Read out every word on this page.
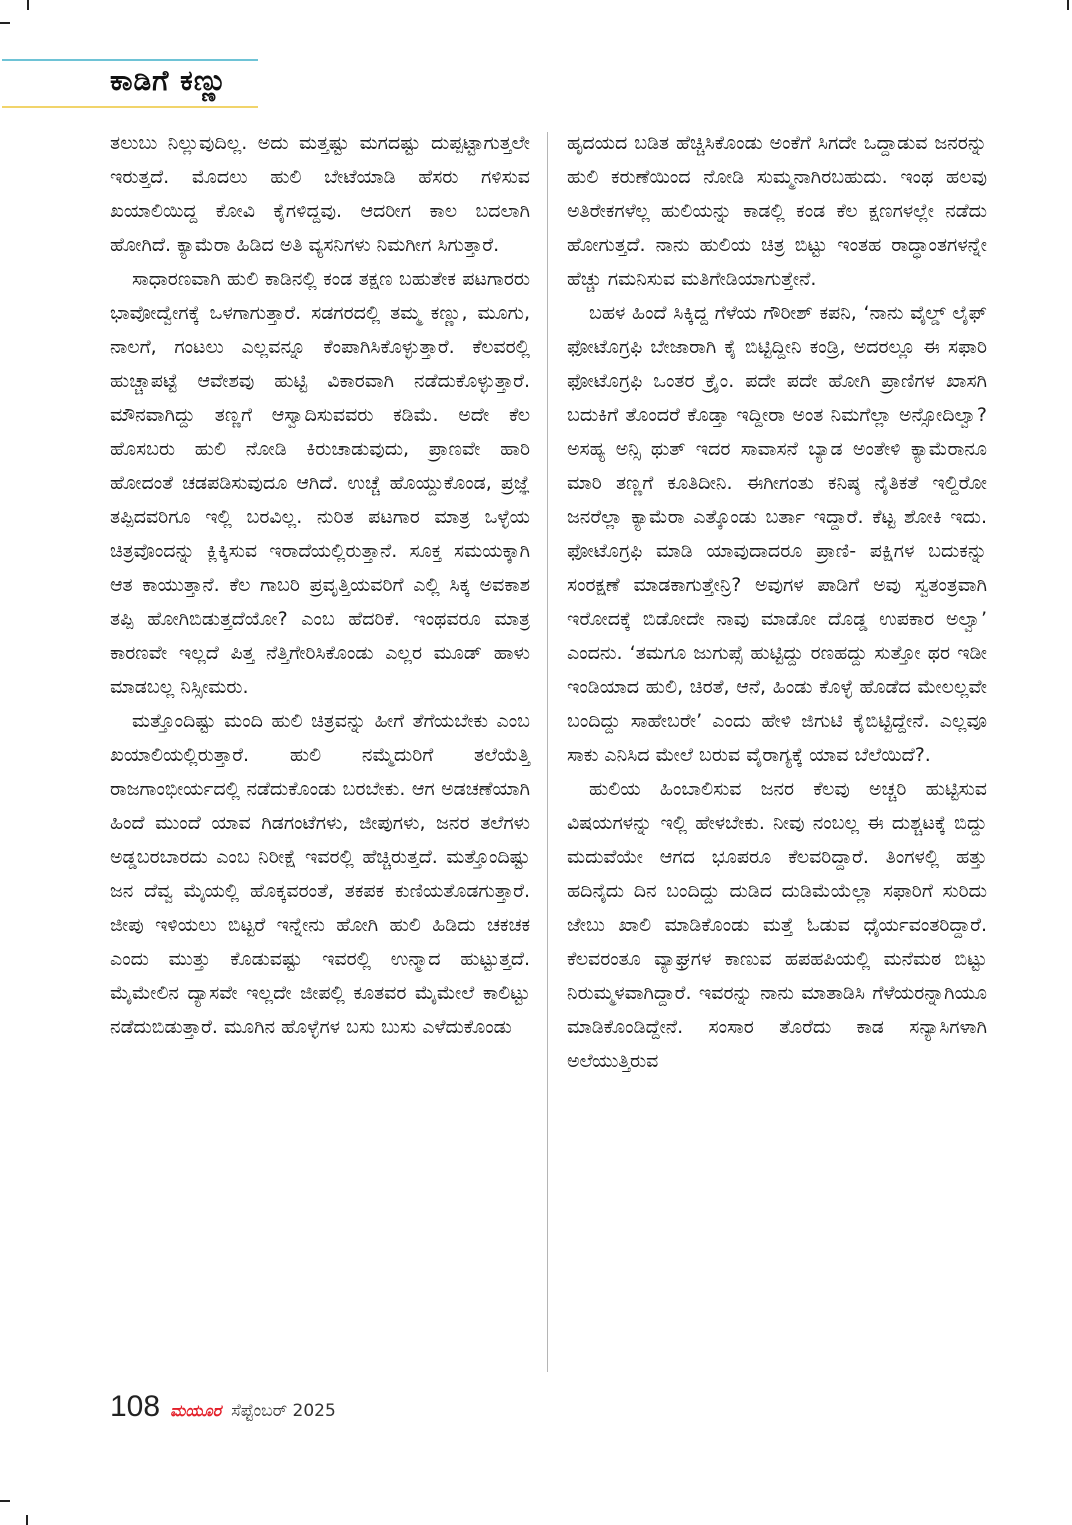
ಕಾಡಿಗೆ ಕಣ್ಣು

ತಲುಬು ನಿಲ್ಲುವುದಿಲ್ಲ. ಅದು ಮತ್ತಷ್ಟು ಮಗದಷ್ಟು ದುಪ್ಪಟ್ಟಾಗುತ್ತಲೇ ಇರುತ್ತದೆ. ಮೊದಲು ಹುಲಿ ಬೇಟೆಯಾಡಿ ಹೆಸರು ಗಳಿಸುವ ಖಯಾಲಿಯಿದ್ದ ಕೋವಿ ಕೈಗಳಿದ್ದವು. ಆದರೀಗ ಕಾಲ ಬದಲಾಗಿ ಹೋಗಿದೆ. ಕ್ಯಾಮೆರಾ ಹಿಡಿದ ಅತಿ ವ್ಯಸನಿಗಳು ನಿಮಗೀಗ ಸಿಗುತ್ತಾರೆ.

ಸಾಧಾರಣವಾಗಿ ಹುಲಿ ಕಾಡಿನಲ್ಲಿ ಕಂಡ ತಕ್ಷಣ ಬಹುತೇಕ ಪಟಗಾರರು ಭಾವೋದ್ವೇಗಕ್ಕೆ ಒಳಗಾಗುತ್ತಾರೆ. ಸಡಗರದಲ್ಲಿ ತಮ್ಮ ಕಣ್ಣು, ಮೂಗು, ನಾಲಗೆ, ಗಂಟಲು ಎಲ್ಲವನ್ನೂ ಕೆಂಪಾಗಿಸಿಕೊಳ್ಳುತ್ತಾರೆ. ಕೆಲವರಲ್ಲಿ ಹುಚ್ಚಾಪಟ್ಟೆ ಆವೇಶವು ಹುಟ್ಟಿ ವಿಕಾರವಾಗಿ ನಡೆದುಕೊಳ್ಳುತ್ತಾರೆ. ಮೌನವಾಗಿದ್ದು ತಣ್ಣಗೆ ಆಸ್ವಾದಿಸುವವರು ಕಡಿಮೆ. ಅದೇ ಕೆಲ ಹೊಸಬರು ಹುಲಿ ನೋಡಿ ಕಿರುಚಾಡುವುದು, ಪ್ರಾಣವೇ ಹಾರಿ ಹೋದಂತೆ ಚಡಪಡಿಸುವುದೂ ಆಗಿದೆ. ಉಚ್ಚೆ ಹೊಯ್ದುಕೊಂಡ, ಪ್ರಜ್ಞೆ ತಪ್ಪಿದವರಿಗೂ ಇಲ್ಲಿ ಬರವಿಲ್ಲ. ನುರಿತ ಪಟಗಾರ ಮಾತ್ರ ಒಳ್ಳೆಯ ಚಿತ್ರವೊಂದನ್ನು ಕ್ಲಿಕ್ಕಿಸುವ ಇರಾದೆಯಲ್ಲಿರುತ್ತಾನೆ. ಸೂಕ್ತ ಸಮಯಕ್ಕಾಗಿ ಆತ ಕಾಯುತ್ತಾನೆ. ಕೆಲ ಗಾಬರಿ ಪ್ರವೃತ್ತಿಯವರಿಗೆ ಎಲ್ಲಿ ಸಿಕ್ಕ ಅವಕಾಶ ತಪ್ಪಿ ಹೋಗಿಬಿಡುತ್ತದೆಯೋ? ಎಂಬ ಹೆದರಿಕೆ. ಇಂಥವರೂ ಮಾತ್ರ ಕಾರಣವೇ ಇಲ್ಲದೆ ಪಿತ್ತ ನೆತ್ತಿಗೇರಿಸಿಕೊಂಡು ಎಲ್ಲರ ಮೂಡ್ ಹಾಳು ಮಾಡಬಲ್ಲ ನಿಸ್ಸೀಮರು.

ಮತ್ತೊಂದಿಷ್ಟು ಮಂದಿ ಹುಲಿ ಚಿತ್ರವನ್ನು ಹೀಗೆ ತೆಗೆಯಬೇಕು ಎಂಬ ಖಯಾಲಿಯಲ್ಲಿರುತ್ತಾರೆ. ಹುಲಿ ನಮ್ಮೆದುರಿಗೆ ತಲೆಯೆತ್ತಿ ರಾಜಗಾಂಭೀರ್ಯದಲ್ಲಿ ನಡೆದುಕೊಂಡು ಬರಬೇಕು. ಆಗ ಅಡಚಣೆಯಾಗಿ ಹಿಂದೆ ಮುಂದೆ ಯಾವ ಗಿಡಗಂಟೆಗಳು, ಜೀಪುಗಳು, ಜನರ ತಲೆಗಳು ಅಡ್ಡಬರಬಾರದು ಎಂಬ ನಿರೀಕ್ಷೆ ಇವರಲ್ಲಿ ಹೆಚ್ಚಿರುತ್ತದೆ. ಮತ್ತೊಂದಿಷ್ಟು ಜನ ದೆವ್ವ ಮೈಯಲ್ಲಿ ಹೊಕ್ಕವರಂತೆ, ತಕಪಕ ಕುಣಿಯತೊಡಗುತ್ತಾರೆ. ಜೀಪು ಇಳಿಯಲು ಬಿಟ್ಟರೆ ಇನ್ನೇನು ಹೋಗಿ ಹುಲಿ ಹಿಡಿದು ಚಕಚಕ ಎಂದು ಮುತ್ತು ಕೊಡುವಷ್ಟು ಇವರಲ್ಲಿ ಉನ್ಮಾದ ಹುಟ್ಟುತ್ತದೆ. ಮೈಮೇಲಿನ ದ್ಯಾಸವೇ ಇಲ್ಲದೇ ಜೀಪಲ್ಲಿ ಕೂತವರ ಮೈಮೇಲೆ ಕಾಲಿಟ್ಟು ನಡೆದುಬಿಡುತ್ತಾರೆ. ಮೂಗಿನ ಹೊಳ್ಳೆಗಳ ಬಸು ಬುಸು ಎಳೆದುಕೊಂಡು

ಹೃದಯದ ಬಡಿತ ಹೆಚ್ಚಿಸಿಕೊಂಡು ಅಂಕೆಗೆ ಸಿಗದೇ ಒದ್ದಾಡುವ ಜನರನ್ನು ಹುಲಿ ಕರುಣೆಯಿಂದ ನೋಡಿ ಸುಮ್ಮನಾಗಿರಬಹುದು. ಇಂಥ ಹಲವು ಅತಿರೇಕಗಳೆಲ್ಲ ಹುಲಿಯನ್ನು ಕಾಡಲ್ಲಿ ಕಂಡ ಕೆಲ ಕ್ಷಣಗಳಲ್ಲೇ ನಡೆದು ಹೋಗುತ್ತದೆ. ನಾನು ಹುಲಿಯ ಚಿತ್ರ ಬಿಟ್ಟು ಇಂತಹ ರಾದ್ಧಾಂತಗಳನ್ನೇ ಹೆಚ್ಚು ಗಮನಿಸುವ ಮತಿಗೇಡಿಯಾಗುತ್ತೇನೆ.

ಬಹಳ ಹಿಂದೆ ಸಿಕ್ಕಿದ್ದ ಗೆಳೆಯ ಗೌರೀಶ್ ಕಪನಿ, ‘ನಾನು ವೈಲ್ಡ್ ಲೈಫ್ ಫೋಟೊಗ್ರಫಿ ಬೇಜಾರಾಗಿ ಕೈ ಬಿಟ್ಟಿದ್ದೀನಿ ಕಂಡ್ರಿ, ಅದರಲ್ಲೂ ಈ ಸಫಾರಿ ಫೋಟೊಗ್ರಫಿ ಒಂತರ ಕ್ರೈಂ. ಪದೇ ಪದೇ ಹೋಗಿ ಪ್ರಾಣಿಗಳ ಖಾಸಗಿ ಬದುಕಿಗೆ ತೊಂದರೆ ಕೊಡ್ತಾ ಇದ್ದೀರಾ ಅಂತ ನಿಮಗೆಲ್ಲಾ ಅನ್ಸೋದಿಲ್ವಾ? ಅಸಹ್ಯ ಅನ್ಸಿ ಥುತ್ ಇದರ ಸಾವಾಸನೆ ಬ್ಯಾಡ ಅಂತೇಳಿ ಕ್ಯಾಮೆರಾನೂ ಮಾರಿ ತಣ್ಣಗೆ ಕೂತಿದೀನಿ. ಈಗೀಗಂತು ಕನಿಷ್ಠ ನೈತಿಕತೆ ಇಲ್ದಿರೋ ಜನರೆಲ್ಲಾ ಕ್ಯಾಮೆರಾ ಎತ್ಕೊಂಡು ಬರ್ತಾ ಇದ್ದಾರೆ. ಕೆಟ್ಟ ಶೋಕಿ ಇದು. ಫೋಟೊಗ್ರಫಿ ಮಾಡಿ ಯಾವುದಾದರೂ ಪ್ರಾಣಿ- ಪಕ್ಷಿಗಳ ಬದುಕನ್ನು ಸಂರಕ್ಷಣೆ ಮಾಡಕಾಗುತ್ತೇನ್ರಿ? ಅವುಗಳ ಪಾಡಿಗೆ ಅವು ಸ್ವತಂತ್ರವಾಗಿ ಇರೋದಕ್ಕೆ ಬಿಡೋದೇ ನಾವು ಮಾಡೋ ದೊಡ್ಡ ಉಪಕಾರ ಅಲ್ವಾ’ ಎಂದನು. ‘ತಮಗೂ ಜುಗುಪ್ಸೆ ಹುಟ್ಟಿದ್ದು ರಣಹದ್ದು ಸುತ್ತೋ ಥರ ಇಡೀ ಇಂಡಿಯಾದ ಹುಲಿ, ಚಿರತೆ, ಆನೆ, ಹಿಂಡು ಕೊಳ್ಳೆ ಹೊಡೆದ ಮೇಲಲ್ಲವೇ ಬಂದಿದ್ದು ಸಾಹೇಬರೇ’ ಎಂದು ಹೇಳಿ ಜಿಗುಟಿ ಕೈಬಿಟ್ಟಿದ್ದೇನೆ. ಎಲ್ಲವೂ ಸಾಕು ಎನಿಸಿದ ಮೇಲೆ ಬರುವ ವೈರಾಗ್ಯಕ್ಕೆ ಯಾವ ಬೆಲೆಯಿದೆ?.

ಹುಲಿಯ ಹಿಂಬಾಲಿಸುವ ಜನರ ಕೆಲವು ಅಚ್ಚರಿ ಹುಟ್ಟಿಸುವ ವಿಷಯಗಳನ್ನು ಇಲ್ಲಿ ಹೇಳಬೇಕು. ನೀವು ನಂಬಲ್ಲ ಈ ದುಶ್ಚಟಕ್ಕೆ ಬಿದ್ದು ಮದುವೆಯೇ ಆಗದ ಭೂಪರೂ ಕೆಲವರಿದ್ದಾರೆ. ತಿಂಗಳಲ್ಲಿ ಹತ್ತು ಹದಿನೈದು ದಿನ ಬಂದಿದ್ದು ದುಡಿದ ದುಡಿಮೆಯೆಲ್ಲಾ ಸಫಾರಿಗೆ ಸುರಿದು ಜೇಬು ಖಾಲಿ ಮಾಡಿಕೊಂಡು ಮತ್ತೆ ಓಡುವ ಧೈರ್ಯವಂತರಿದ್ದಾರೆ. ಕೆಲವರಂತೂ ವ್ಯಾಘ್ರಗಳ ಕಾಣುವ ಹಪಹಪಿಯಲ್ಲಿ ಮನೆಮಠ ಬಿಟ್ಟು ನಿರುಮ್ಮಳವಾಗಿದ್ದಾರೆ. ಇವರನ್ನು ನಾನು ಮಾತಾಡಿಸಿ ಗೆಳೆಯರನ್ನಾಗಿಯೂ ಮಾಡಿಕೊಂಡಿದ್ದೇನೆ. ಸಂಸಾರ ತೊರೆದು ಕಾಡ ಸನ್ಯಾಸಿಗಳಾಗಿ ಅಲೆಯುತ್ತಿರುವ

108 ಮಯೂರ ಸೆಪ್ಟೆಂಬರ್ 2025
